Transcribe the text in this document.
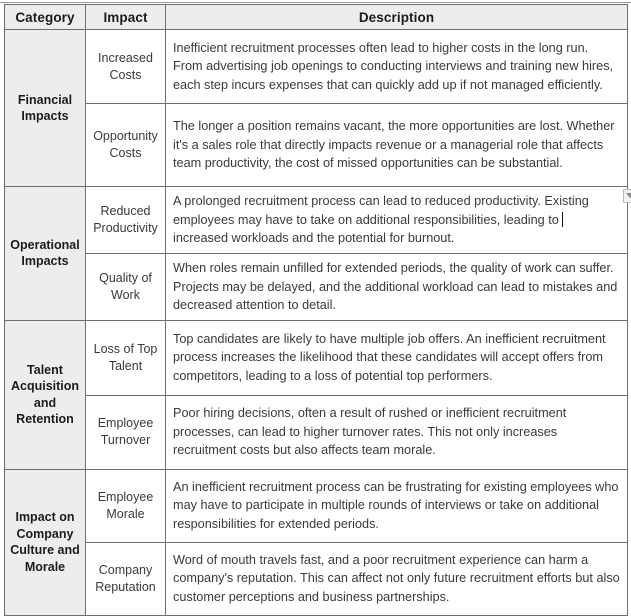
Category	Impact	Description
Financial Impacts	Increased Costs	Inefficient recruitment processes often lead to higher costs in the long run. From advertising job openings to conducting interviews and training new hires, each step incurs expenses that can quickly add up if not managed efficiently.
	Opportunity Costs	The longer a position remains vacant, the more opportunities are lost. Whether it's a sales role that directly impacts revenue or a managerial role that affects team productivity, the cost of missed opportunities can be substantial.
Operational Impacts	Reduced Productivity	A prolonged recruitment process can lead to reduced productivity. Existing employees may have to take on additional responsibilities, leading to increased workloads and the potential for burnout.

	Quality of Work	When roles remain unfilled for extended periods, the quality of work can suffer. Projects may be delayed, and the additional workload can lead to mistakes and decreased attention to detail.
Talent Acquisition and Retention	Loss of Top Talent	Top candidates are likely to have multiple job offers. An inefficient recruitment process increases the likelihood that these candidates will accept offers from competitors, leading to a loss of potential top performers.
	Employee Turnover	Poor hiring decisions, often a result of rushed or inefficient recruitment processes, can lead to higher turnover rates. This not only increases recruitment costs but also affects team morale.
Impact on Company Culture and Morale	Employee Morale	An inefficient recruitment process can be frustrating for existing employees who may have to participate in multiple rounds of interviews or take on additional responsibilities for extended periods.
	Company Reputation	Word of mouth travels fast, and a poor recruitment experience can harm a company's reputation. This can affect not only future recruitment efforts but also customer perceptions and business partnerships.
